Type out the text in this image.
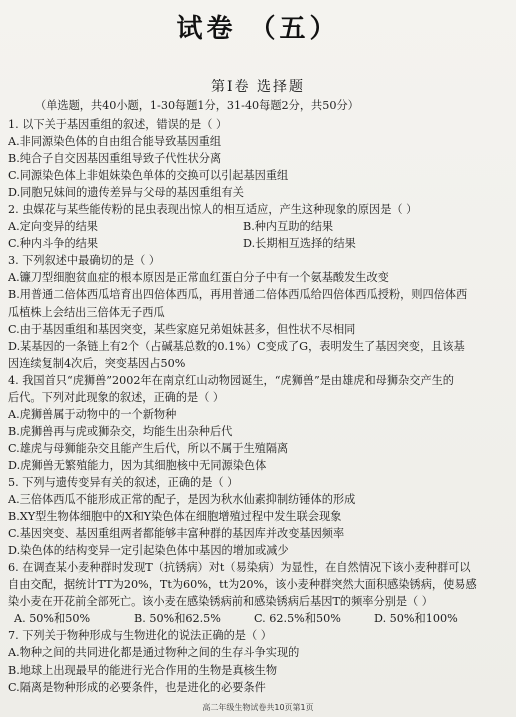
试卷 （五）
第Ⅰ卷 选择题
（单选题，共40小题，1-30每题1分，31-40每题2分，共50分）
1. 以下关于基因重组的叙述，错误的是（ ）
A.非同源染色体的自由组合能导致基因重组
B.纯合子自交因基因重组导致子代性状分离
C.同源染色体上非姐妹染色单体的交换可以引起基因重组
D.同胞兄妹间的遗传差异与父母的基因重组有关
2. 虫媒花与某些能传粉的昆虫表现出惊人的相互适应，产生这种现象的原因是（ ）
A.定向变异的结果	B.种内互助的结果
C.种内斗争的结果	D.长期相互选择的结果
3. 下列叙述中最确切的是（ ）
A.镰刀型细胞贫血症的根本原因是正常血红蛋白分子中有一个氨基酸发生改变
B.用普通二倍体西瓜培育出四倍体西瓜，再用普通二倍体西瓜给四倍体西瓜授粉，则四倍体西
瓜植株上会结出三倍体无子西瓜
C.由于基因重组和基因突变，某些家庭兄弟姐妹甚多，但性状不尽相同
D.某基因的一条链上有2个（占碱基总数的0.1%）C变成了G，表明发生了基因突变，且该基
因连续复制4次后，突变基因占50%
4. 我国首只“虎狮兽”2002年在南京红山动物园诞生，“虎狮兽”是由雄虎和母狮杂交产生的
后代。下列对此现象的叙述，正确的是（ ）
A.虎狮兽属于动物中的一个新物种
B.虎狮兽再与虎或狮杂交，均能生出杂种后代
C.雄虎与母狮能杂交且能产生后代，所以不属于生殖隔离
D.虎狮兽无繁殖能力，因为其细胞核中无同源染色体
5. 下列与遗传变异有关的叙述，正确的是（ ）
A.三倍体西瓜不能形成正常的配子，是因为秋水仙素抑制纺锤体的形成
B.XY型生物体细胞中的X和Y染色体在细胞增殖过程中发生联会现象
C.基因突变、基因重组两者都能够丰富种群的基因库并改变基因频率
D.染色体的结构变异一定引起染色体中基因的增加或减少
6. 在调查某小麦种群时发现T（抗锈病）对t（易染病）为显性，在自然情况下该小麦种群可以
自由交配，据统计TT为20%，Tt为60%，tt为20%，该小麦种群突然大面积感染锈病，使易感
染小麦在开花前全部死亡。该小麦在感染锈病前和感染锈病后基因T的频率分别是（ ）
A. 50%和50%	B. 50%和62.5%	C. 62.5%和50%	D. 50%和100%
7. 下列关于物种形成与生物进化的说法正确的是（ ）
A.物种之间的共同进化都是通过物种之间的生存斗争实现的
B.地球上出现最早的能进行光合作用的生物是真核生物
C.隔离是物种形成的必要条件，也是进化的必要条件
高二年级生物试卷共10页第1页
